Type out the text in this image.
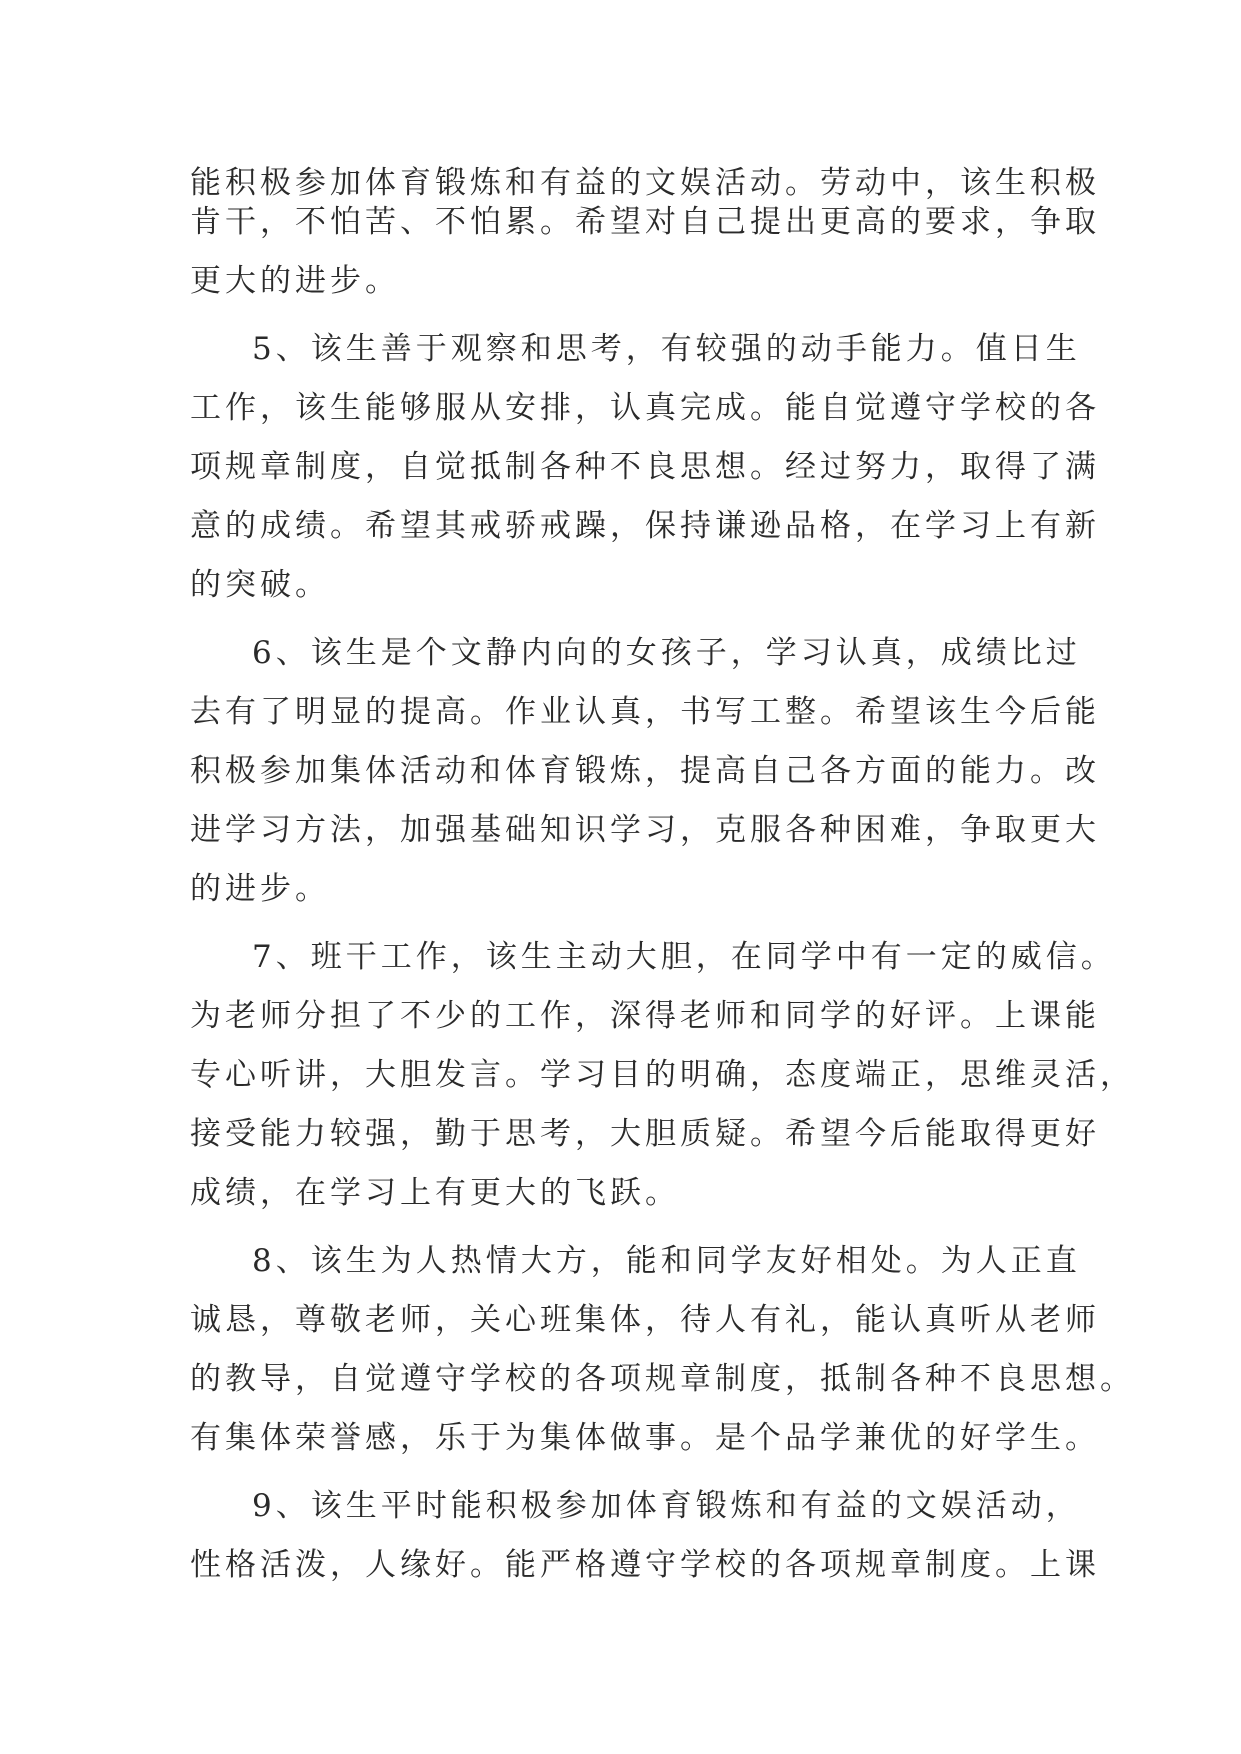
能积极参加体育锻炼和有益的文娱活动。劳动中，该生积极
肯干，不怕苦、不怕累。希望对自己提出更高的要求，争取
更大的进步。
5、该生善于观察和思考，有较强的动手能力。值日生
工作，该生能够服从安排，认真完成。能自觉遵守学校的各
项规章制度，自觉抵制各种不良思想。经过努力，取得了满
意的成绩。希望其戒骄戒躁，保持谦逊品格，在学习上有新
的突破。
6、该生是个文静内向的女孩子，学习认真，成绩比过
去有了明显的提高。作业认真，书写工整。希望该生今后能
积极参加集体活动和体育锻炼，提高自己各方面的能力。改
进学习方法，加强基础知识学习，克服各种困难，争取更大
的进步。
7、班干工作，该生主动大胆，在同学中有一定的威信。
为老师分担了不少的工作，深得老师和同学的好评。上课能
专心听讲，大胆发言。学习目的明确，态度端正，思维灵活，
接受能力较强，勤于思考，大胆质疑。希望今后能取得更好
成绩，在学习上有更大的飞跃。
8、该生为人热情大方，能和同学友好相处。为人正直
诚恳，尊敬老师，关心班集体，待人有礼，能认真听从老师
的教导，自觉遵守学校的各项规章制度，抵制各种不良思想。
有集体荣誉感，乐于为集体做事。是个品学兼优的好学生。
9、该生平时能积极参加体育锻炼和有益的文娱活动，
性格活泼，人缘好。能严格遵守学校的各项规章制度。上课
